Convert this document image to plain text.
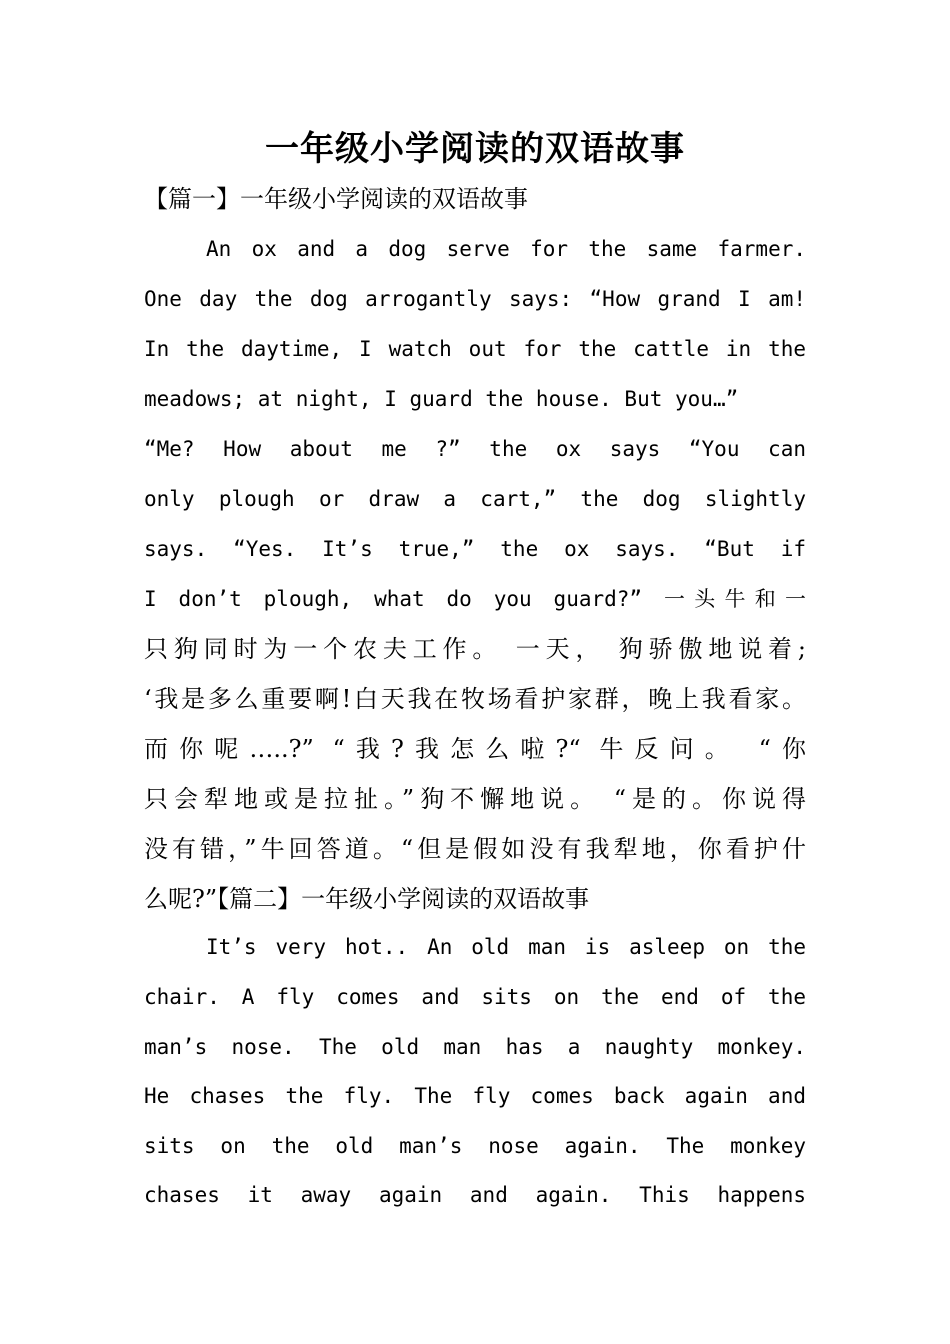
一年级小学阅读的双语故事
【篇一】一年级小学阅读的双语故事
An ox and a dog serve for the same farmer.
One day the dog arrogantly says: “How grand I am!
In the daytime, I watch out for the cattle in the
meadows; at night, I guard the house. But you…”
“Me? How about me ?” the ox says “You can
only plough or draw a cart,” the dog slightly
says. “Yes. It’s true,” the ox says. “But if
I don’t plough, what do you guard?” 一头牛和一
只狗同时为一个农夫工作。 一天， 狗骄傲地说着;
‘我是多么重要啊!白天我在牧场看护家群，晚上我看家。
而你呢…..?” “我?我怎么啦?“ 牛反问。 “你
只会犁地或是拉扯。”狗不懈地说。 “是的。你说得
没有错，”牛回答道。“但是假如没有我犁地，你看护什
么呢?”【篇二】一年级小学阅读的双语故事
It’s very hot.. An old man is asleep on the
chair. A fly comes and sits on the end of the
man’s nose. The old man has a naughty monkey.
He chases the fly. The fly comes back again and
sits on the old man’s nose again. The monkey
chases it away again and again. This happens
